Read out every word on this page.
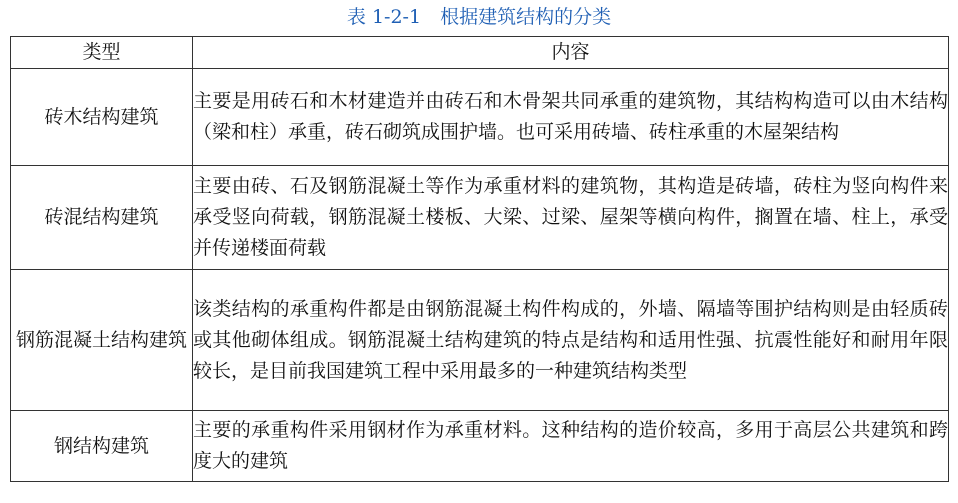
表 1-2-1　根据建筑结构的分类
类型	内容
砖木结构建筑	主要是用砖石和木材建造并由砖石和木骨架共同承重的建筑物，其结构构造可以由木结构（梁和柱）承重，砖石砌筑成围护墙。也可采用砖墙、砖柱承重的木屋架结构
砖混结构建筑	主要由砖、石及钢筋混凝土等作为承重材料的建筑物，其构造是砖墙，砖柱为竖向构件来承受竖向荷载，钢筋混凝土楼板、大梁、过梁、屋架等横向构件，搁置在墙、柱上，承受并传递楼面荷载
钢筋混凝土结构建筑	该类结构的承重构件都是由钢筋混凝土构件构成的，外墙、隔墙等围护结构则是由轻质砖或其他砌体组成。钢筋混凝土结构建筑的特点是结构和适用性强、抗震性能好和耐用年限较长，是目前我国建筑工程中采用最多的一种建筑结构类型
钢结构建筑	主要的承重构件采用钢材作为承重材料。这种结构的造价较高，多用于高层公共建筑和跨度大的建筑
